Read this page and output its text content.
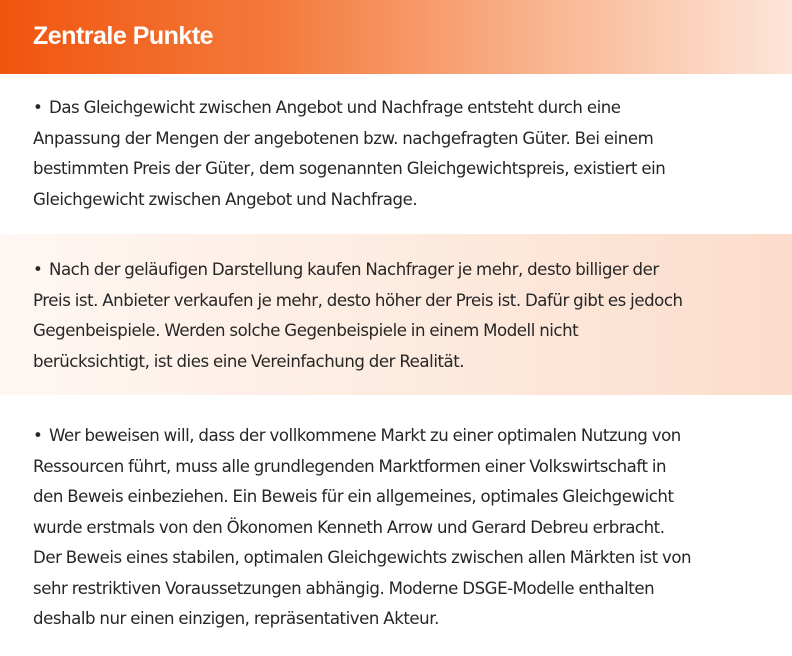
Zentrale Punkte
• Das Gleichgewicht zwischen Angebot und Nachfrage entsteht durch eine
Anpassung der Mengen der angebotenen bzw. nachgefragten Güter. Bei einem
bestimmten Preis der Güter, dem sogenannten Gleichgewichtspreis, existiert ein
Gleichgewicht zwischen Angebot und Nachfrage.
• Nach der geläufigen Darstellung kaufen Nachfrager je mehr, desto billiger der
Preis ist. Anbieter verkaufen je mehr, desto höher der Preis ist. Dafür gibt es jedoch
Gegenbeispiele. Werden solche Gegenbeispiele in einem Modell nicht
berücksichtigt, ist dies eine Vereinfachung der Realität.
• Wer beweisen will, dass der vollkommene Markt zu einer optimalen Nutzung von
Ressourcen führt, muss alle grundlegenden Marktformen einer Volkswirtschaft in
den Beweis einbeziehen. Ein Beweis für ein allgemeines, optimales Gleichgewicht
wurde erstmals von den Ökonomen Kenneth Arrow und Gerard Debreu erbracht.
Der Beweis eines stabilen, optimalen Gleichgewichts zwischen allen Märkten ist von
sehr restriktiven Voraussetzungen abhängig. Moderne DSGE-Modelle enthalten
deshalb nur einen einzigen, repräsentativen Akteur.
